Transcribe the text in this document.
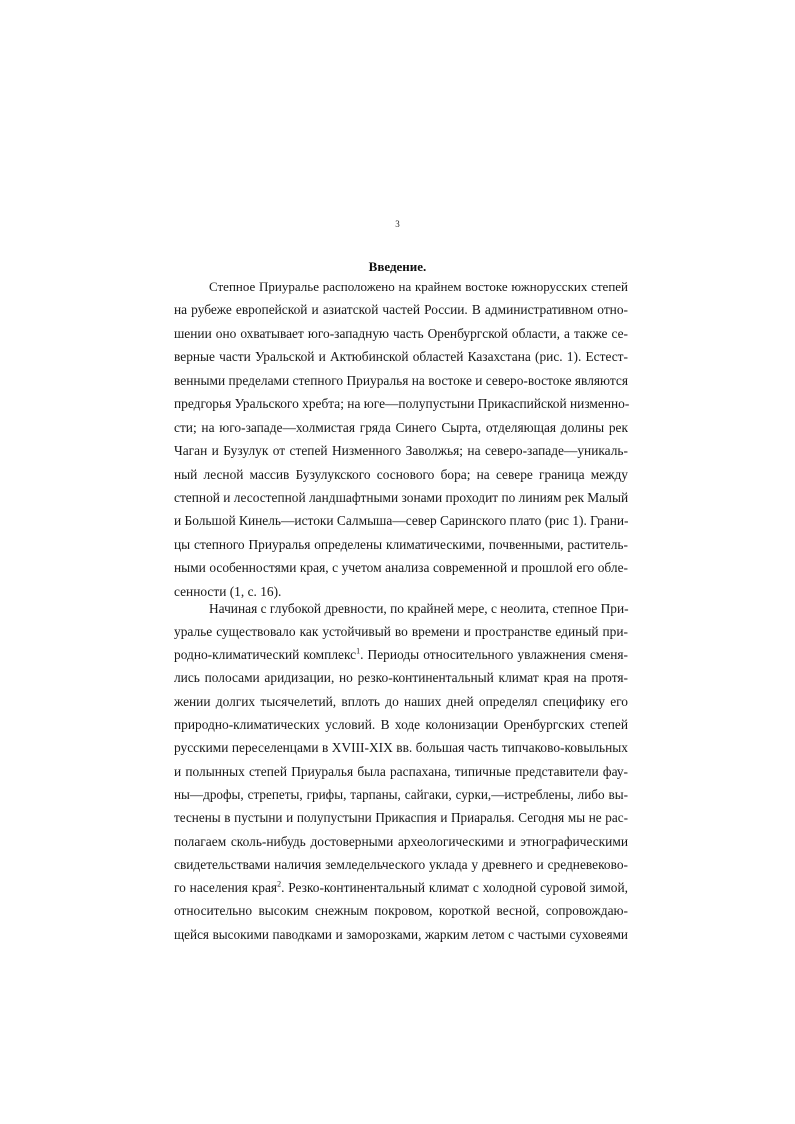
3
Введение.
Степное Приуралье расположено на крайнем востоке южнорусских степей
на рубеже европейской и азиатской частей России. В административном отно-
шении оно охватывает юго-западную часть Оренбургской области, а также се-
верные части Уральской и Актюбинской областей Казахстана (рис. 1). Естест-
венными пределами степного Приуралья на востоке и северо-востоке являются
предгорья Уральского хребта; на юге—полупустыни Прикаспийской низменно-
сти; на юго-западе—холмистая гряда Синего Сырта, отделяющая долины рек
Чаган и Бузулук от степей Низменного Заволжья; на северо-западе—уникаль-
ный лесной массив Бузулукского соснового бора; на севере граница между
степной и лесостепной ландшафтными зонами проходит по линиям рек Малый
и Большой Кинель—истоки Салмыша—север Саринского плато (рис 1). Грани-
цы степного Приуралья определены климатическими, почвенными, раститель-
ными особенностями края, с учетом анализа современной и прошлой его облe-
сенности (1, с. 16).
Начиная с глубокой древности, по крайней мере, с неолита, степное При-
уралье существовало как устойчивый во времени и пространстве единый при-
родно-климатический комплекс$^1$. Периоды относительного увлажнения сменя-
лись полосами аридизации, но резко-континентальный климат края на протя-
жении долгих тысячелетий, вплоть до наших дней определял специфику его
природно-климатических условий. В ходе колонизации Оренбургских степей
русскими переселенцами в XVIII-XIX вв. большая часть типчаково-ковыльных
и полынных степей Приуралья была распахана, типичные представители фау-
ны—дрофы, стрепеты, грифы, тарпаны, сайгаки, сурки,—истреблены, либо вы-
теснены в пустыни и полупустыни Прикаспия и Приаралья. Сегодня мы не рас-
полагаем сколь-нибудь достоверными археологическими и этнографическими
свидетельствами наличия земледельческого уклада у древнего и средневеково-
го населения края$^2$. Резко-континентальный климат с холодной суровой зимой,
относительно высоким снежным покровом, короткой весной, сопровождаю-
щейся высокими паводками и заморозками, жарким летом с частыми суховеями
